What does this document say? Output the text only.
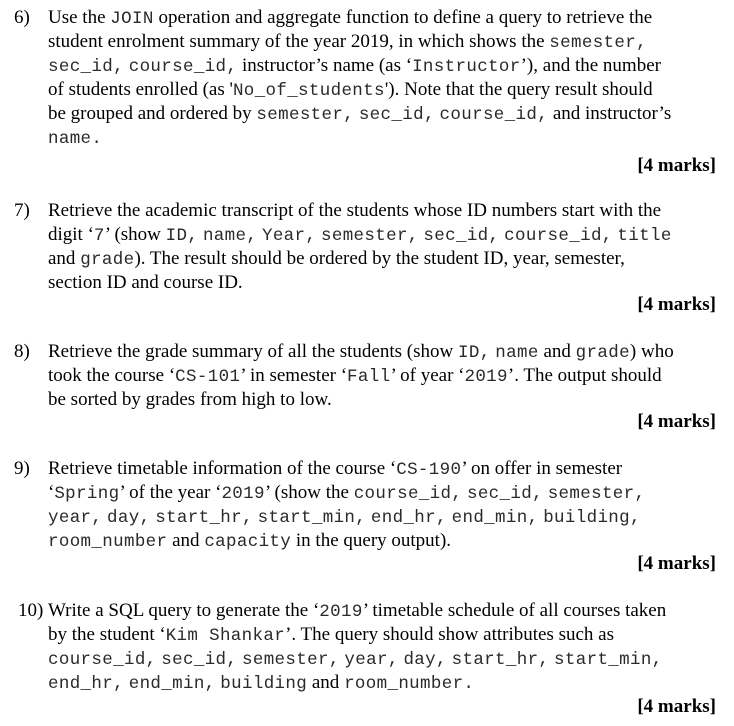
6) Use the JOIN operation and aggregate function to define a query to retrieve the
student enrolment summary of the year 2019, in which shows the semester,
sec_id, course_id, instructor’s name (as ‘Instructor’), and the number
of students enrolled (as 'No_of_students'). Note that the query result should
be grouped and ordered by semester, sec_id, course_id, and instructor’s
name.
[4 marks]
7) Retrieve the academic transcript of the students whose ID numbers start with the
digit ‘7’ (show ID, name, Year, semester, sec_id, course_id, title
and grade). The result should be ordered by the student ID, year, semester,
section ID and course ID.
[4 marks]
8) Retrieve the grade summary of all the students (show ID, name and grade) who
took the course ‘CS-101’ in semester ‘Fall’ of year ‘2019’. The output should
be sorted by grades from high to low.
[4 marks]
9) Retrieve timetable information of the course ‘CS-190’ on offer in semester
‘Spring’ of the year ‘2019’ (show the course_id, sec_id, semester,
year, day, start_hr, start_min, end_hr, end_min, building,
room_number and capacity in the query output).
[4 marks]
10) Write a SQL query to generate the ‘2019’ timetable schedule of all courses taken
by the student ‘Kim Shankar’. The query should show attributes such as
course_id, sec_id, semester, year, day, start_hr, start_min,
end_hr, end_min, building and room_number.
[4 marks]
